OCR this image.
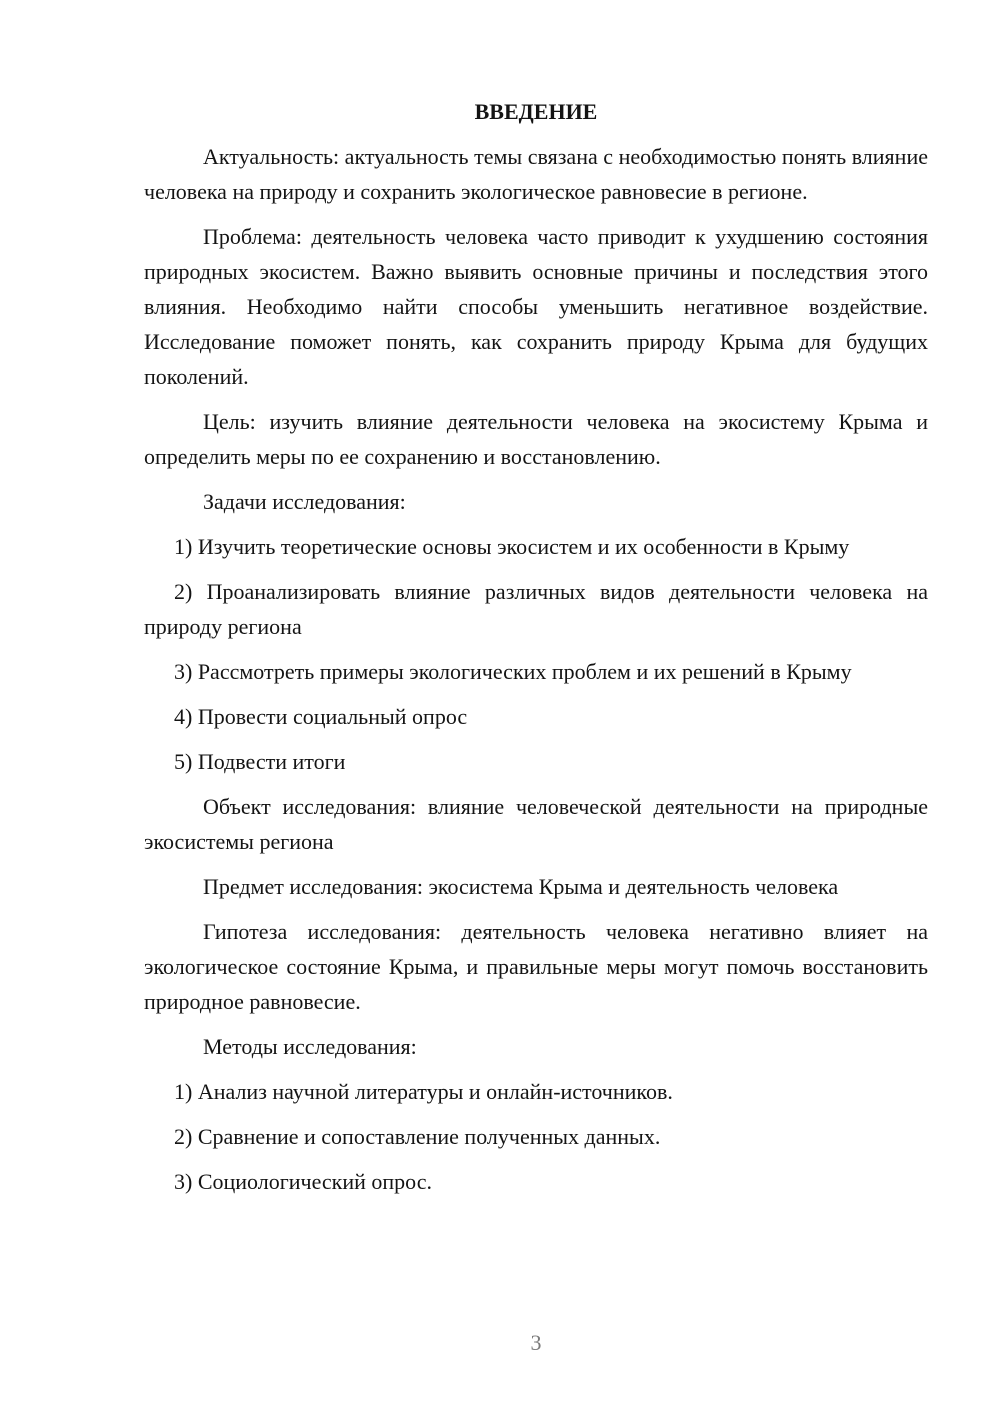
ВВЕДЕНИЕ

Актуальность: актуальность темы связана с необходимостью понять влияние человека на природу и сохранить экологическое равновесие в регионе.

Проблема: деятельность человека часто приводит к ухудшению состояния природных экосистем. Важно выявить основные причины и последствия этого влияния. Необходимо найти способы уменьшить негативное воздействие. Исследование поможет понять, как сохранить природу Крыма для будущих поколений.

Цель: изучить влияние деятельности человека на экосистему Крыма и определить меры по ее сохранению и восстановлению.

Задачи исследования:

1) Изучить теоретические основы экосистем и их особенности в Крыму

2) Проанализировать влияние различных видов деятельности человека на природу региона

3) Рассмотреть примеры экологических проблем и их решений в Крыму

4) Провести социальный опрос

5) Подвести итоги

Объект исследования: влияние человеческой деятельности на природные экосистемы региона

Предмет исследования: экосистема Крыма и деятельность человека

Гипотеза исследования: деятельность человека негативно влияет на экологическое состояние Крыма, и правильные меры могут помочь восстановить природное равновесие.

Методы исследования:

1) Анализ научной литературы и онлайн-источников.

2) Сравнение и сопоставление полученных данных.

3) Социологический опрос.

3
